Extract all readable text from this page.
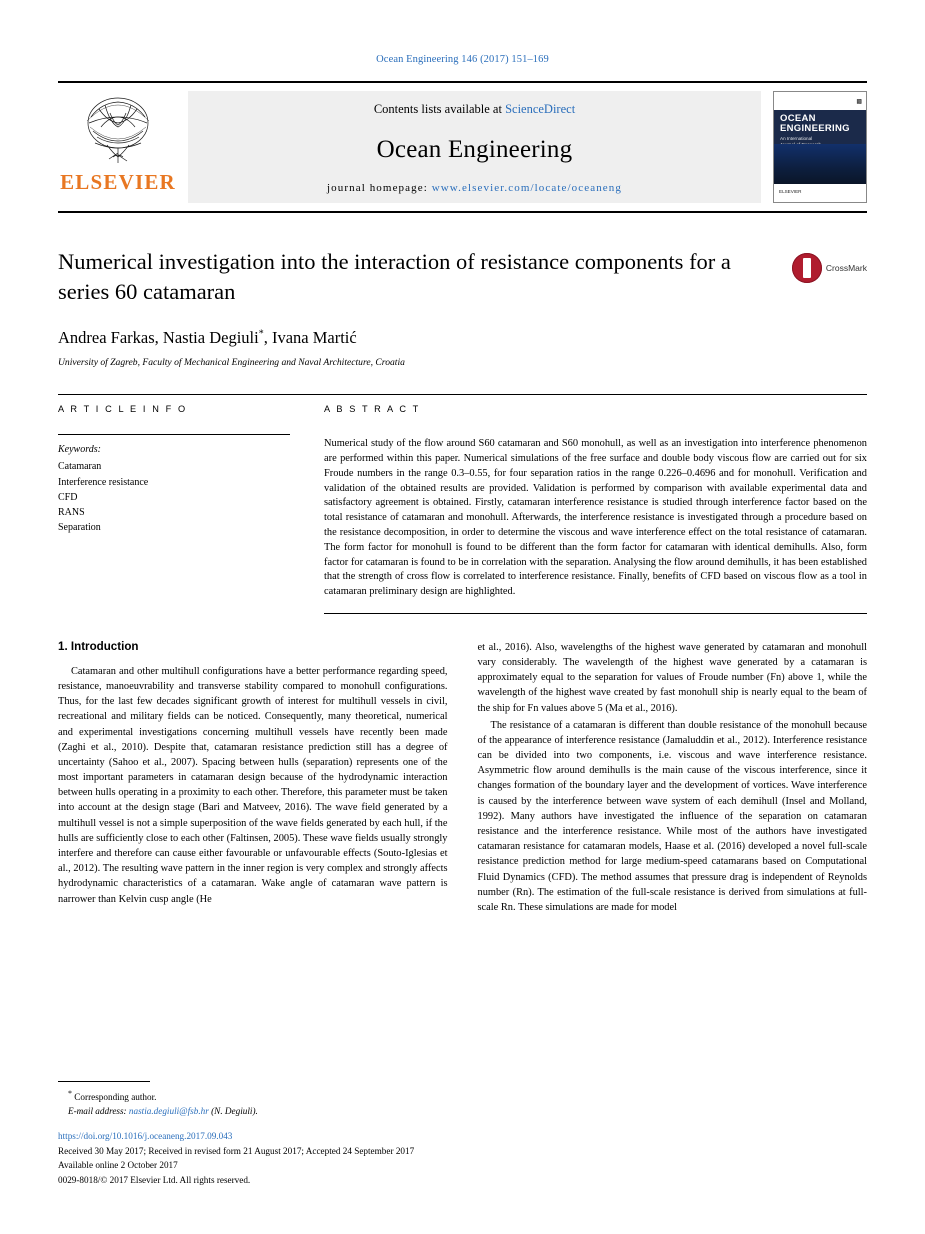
Ocean Engineering 146 (2017) 151–169
ELSEVIER
Contents lists available at ScienceDirect
Ocean Engineering
journal homepage: www.elsevier.com/locate/oceaneng
▩
OCEAN
ENGINEERING
An International

ELSEVIER
Numerical investigation into the interaction of resistance components for a series 60 catamaran
CrossMark
Andrea Farkas, Nastia Degiuli*, Ivana Martić
University of Zagreb, Faculty of Mechanical Engineering and Naval Architecture, Croatia
A R T I C L E I N F O
Keywords:
Catamaran
Interference resistance
CFD
RANS
Separation
A B S T R A C T
Numerical study of the flow around S60 catamaran and S60 monohull, as well as an investigation into interference phenomenon are performed within this paper. Numerical simulations of the free surface and double body viscous flow are carried out for six Froude numbers in the range 0.3–0.55, for four separation ratios in the range 0.226–0.4696 and for monohull. Verification and validation of the obtained results are provided. Validation is performed by comparison with available experimental data and satisfactory agreement is obtained. Firstly, catamaran interference resistance is studied through interference factor based on the total resistance of catamaran and monohull. Afterwards, the interference resistance is investigated through a procedure based on the resistance decomposition, in order to determine the viscous and wave interference effect on the total resistance of catamaran. The form factor for monohull is found to be different than the form factor for catamaran with identical demihulls. Also, form factor for catamaran is found to be in correlation with the separation. Analysing the flow around demihulls, it has been established that the strength of cross flow is correlated to interference resistance. Finally, benefits of CFD based on viscous flow as a tool in catamaran preliminary design are highlighted.
1. Introduction

Catamaran and other multihull configurations have a better performance regarding speed, resistance, manoeuvrability and transverse stability compared to monohull configurations. Thus, for the last few decades significant growth of interest for multihull vessels in civil, recreational and military fields can be noticed. Consequently, many theoretical, numerical and experimental investigations concerning multihull vessels have recently been made (Zaghi et al., 2010). Despite that, catamaran resistance prediction still has a degree of uncertainty (Sahoo et al., 2007). Spacing between hulls (separation) represents one of the most important parameters in catamaran design because of the hydrodynamic interaction between hulls operating in a proximity to each other. Therefore, this parameter must be taken into account at the design stage (Bari and Matveev, 2016). The wave field generated by a multihull vessel is not a simple superposition of the wave fields generated by each hull, if the hulls are sufficiently close to each other (Faltinsen, 2005). These wave fields usually strongly interfere and therefore can cause either favourable or unfavourable effects (Souto-Iglesias et al., 2012). The resulting wave pattern in the inner region is very complex and strongly affects hydrodynamic characteristics of a catamaran. Wake angle of catamaran wave pattern is narrower than Kelvin cusp angle (He

et al., 2016). Also, wavelengths of the highest wave generated by catamaran and monohull vary considerably. The wavelength of the highest wave generated by a catamaran is approximately equal to the separation for values of Froude number (Fn) above 1, while the wavelength of the highest wave created by fast monohull ship is nearly equal to the beam of the ship for Fn values above 5 (Ma et al., 2016).

The resistance of a catamaran is different than double resistance of the monohull because of the appearance of interference resistance (Jamaluddin et al., 2012). Interference resistance can be divided into two components, i.e. viscous and wave interference resistance. Asymmetric flow around demihulls is the main cause of the viscous interference, since it changes formation of the boundary layer and the development of vortices. Wave interference is caused by the interference between wave system of each demihull (Insel and Molland, 1992). Many authors have investigated the influence of the separation on catamaran resistance and the interference resistance. While most of the authors have investigated catamaran resistance for catamaran models, Haase et al. (2016) developed a novel full-scale resistance prediction method for large medium-speed catamarans based on Computational Fluid Dynamics (CFD). The method assumes that pressure drag is independent of Reynolds number (Rn). The estimation of the full-scale resistance is derived from simulations at full-scale Rn. These simulations are made for model

* Corresponding author.
E-mail address: nastia.degiuli@fsb.hr (N. Degiuli).
https://doi.org/10.1016/j.oceaneng.2017.09.043
Received 30 May 2017; Received in revised form 21 August 2017; Accepted 24 September 2017
Available online 2 October 2017
0029-8018/© 2017 Elsevier Ltd. All rights reserved.
